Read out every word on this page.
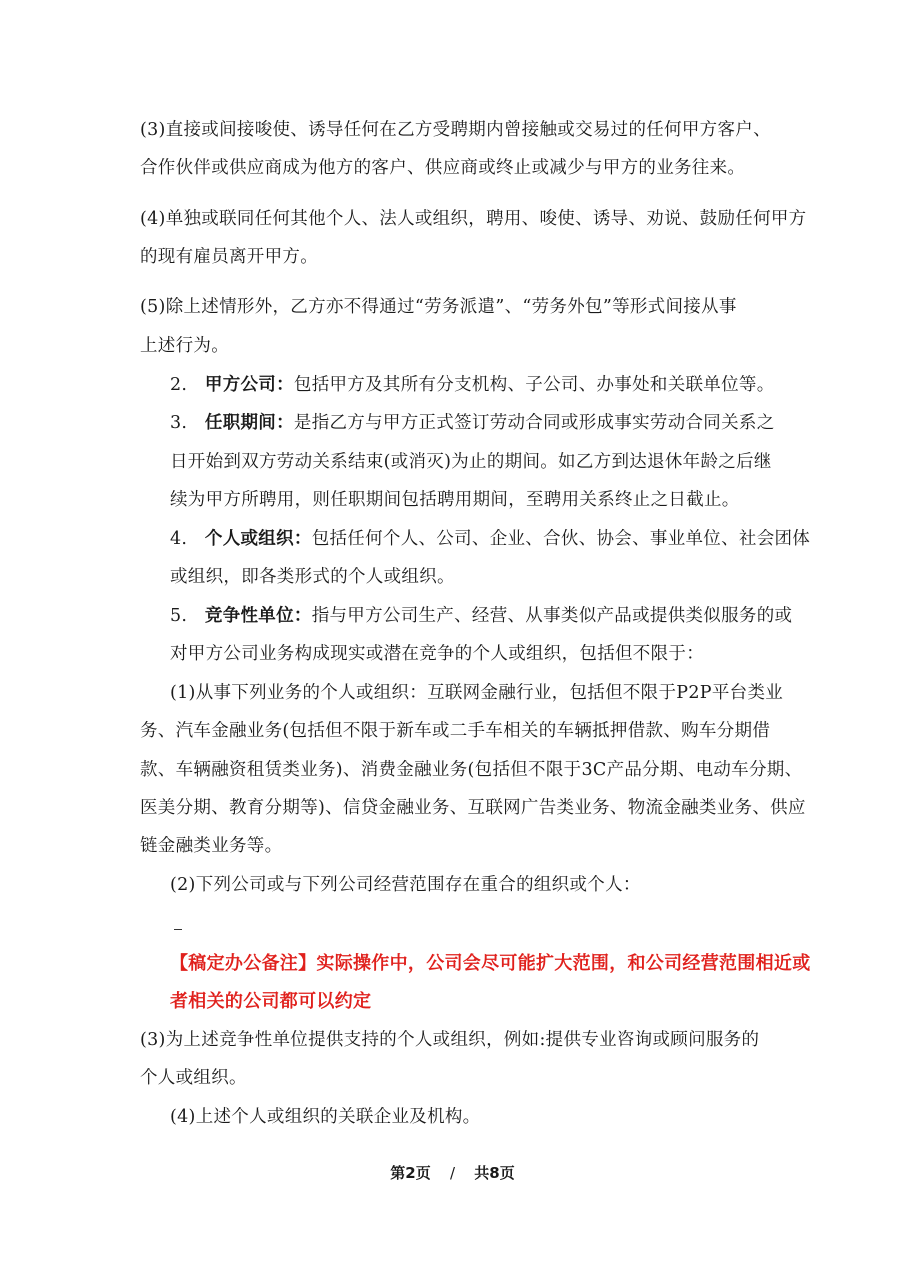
(3)直接或间接唆使、诱导任何在乙方受聘期内曾接触或交易过的任何甲方客户、
合作伙伴或供应商成为他方的客户、供应商或终止或减少与甲方的业务往来。
(4)单独或联同任何其他个人、法人或组织，聘用、唆使、诱导、劝说、鼓励任何甲方
的现有雇员离开甲方。
(5)除上述情形外，乙方亦不得通过“劳务派遣”、“劳务外包”等形式间接从事
上述行为。
2. 甲方公司：包括甲方及其所有分支机构、子公司、办事处和关联单位等。
3. 任职期间：是指乙方与甲方正式签订劳动合同或形成事实劳动合同关系之
日开始到双方劳动关系结束(或消灭)为止的期间。如乙方到达退休年龄之后继
续为甲方所聘用，则任职期间包括聘用期间，至聘用关系终止之日截止。
4. 个人或组织：包括任何个人、公司、企业、合伙、协会、事业单位、社会团体
或组织，即各类形式的个人或组织。
5. 竞争性单位：指与甲方公司生产、经营、从事类似产品或提供类似服务的或
对甲方公司业务构成现实或潜在竞争的个人或组织，包括但不限于：
(1)从事下列业务的个人或组织：互联网金融行业，包括但不限于P2P平台类业
务、汽车金融业务(包括但不限于新车或二手车相关的车辆抵押借款、购车分期借
款、车辆融资租赁类业务)、消费金融业务(包括但不限于3C产品分期、电动车分期、
医美分期、教育分期等)、信贷金融业务、互联网广告类业务、物流金融类业务、供应
链金融类业务等。
(2)下列公司或与下列公司经营范围存在重合的组织或个人：
【稿定办公备注】实际操作中，公司会尽可能扩大范围，和公司经营范围相近或
者相关的公司都可以约定
(3)为上述竞争性单位提供支持的个人或组织，例如:提供专业咨询或顾问服务的
个人或组织。
(4)上述个人或组织的关联企业及机构。
第2页 / 共8页
